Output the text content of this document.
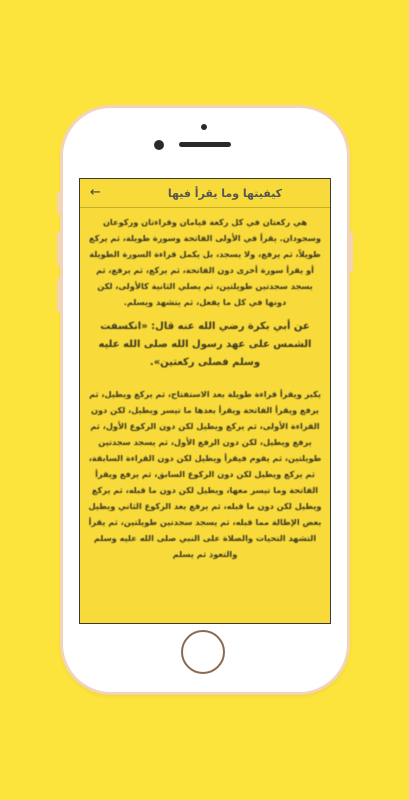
←	كيفيتها وما يقرأ فيها

هي ركعتان في كل ركعة قيامان وقراءتان وركوعان وسجودان. يقرأ في الأولى الفاتحة وسورة طويلة، ثم يركع طويلاً، ثم يرفع، ولا يسجد، بل يكمل قراءة السورة الطويلة أو يقرأ سورة أخرى دون الفاتحة، ثم يركع، ثم يرفع، ثم يسجد سجدتين طويلتين، ثم يصلي الثانية كالأولى، لكن دونها في كل ما يفعل، ثم يتشهد ويسلم.

عن أبي بكرة رضي الله عنه قال: «انكسفت الشمس على عهد رسول الله صلى الله عليه وسلم فصلى ركعتين».

يكبر ويقرأ قراءة طويلة بعد الاستفتاح، ثم يركع ويطيل، ثم يرفع ويقرأ الفاتحة ويقرأ بعدها ما تيسر ويطيل، لكن دون القراءة الأولى، ثم يركع ويطيل لكن دون الركوع الأول، ثم يرفع ويطيل، لكن دون الرفع الأول، ثم يسجد سجدتين طويلتين، ثم يقوم فيقرأ ويطيل لكن دون القراءة السابقة، ثم يركع ويطيل لكن دون الركوع السابق، ثم يرفع ويقرأ الفاتحة وما تيسر معها، ويطيل لكن دون ما قبله، ثم يركع ويطيل لكن دون ما قبله، ثم يرفع بعد الركوع الثاني ويطيل بعض الإطالة مما قبله، ثم يسجد سجدتين طويلتين، ثم يقرأ التشهد التحيات والصلاة على النبي صلى الله عليه وسلم والتعوذ ثم يسلم
